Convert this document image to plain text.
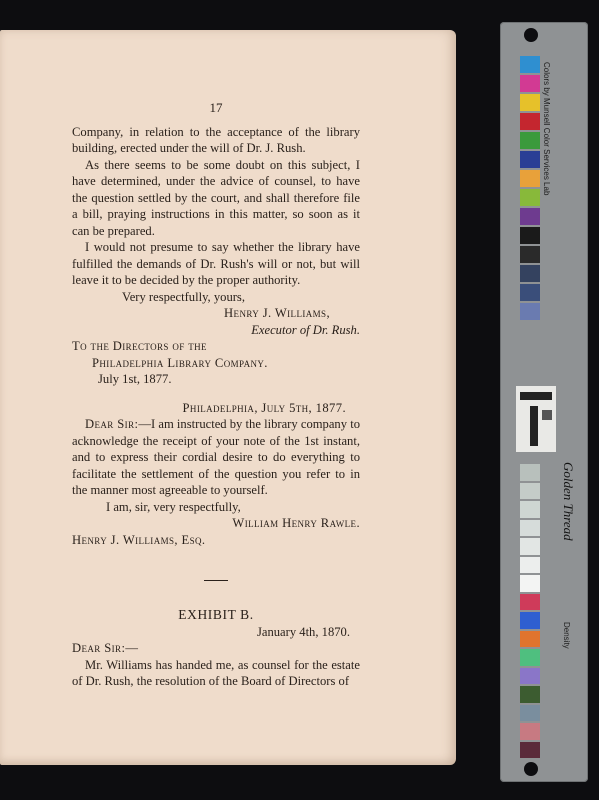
17

Company, in relation to the acceptance of the library building, erected under the will of Dr. J. Rush.

As there seems to be some doubt on this subject, I have determined, under the advice of counsel, to have the question settled by the court, and shall therefore file a bill, praying instructions in this matter, so soon as it can be prepared.

I would not presume to say whether the library have fulfilled the demands of Dr. Rush's will or not, but will leave it to be decided by the proper authority.

Very respectfully, yours,
Henry J. Williams,
Executor of Dr. Rush.
To the Directors of the
Philadelphia Library Company.
July 1st, 1877.
Philadelphia, July 5th, 1877.

Dear Sir:—I am instructed by the library company to acknowledge the receipt of your note of the 1st instant, and to express their cordial desire to do everything to facilitate the settlement of the question you refer to in the manner most agreeable to yourself.

I am, sir, very respectfully,
William Henry Rawle.
Henry J. Williams, Esq.
EXHIBIT B.
January 4th, 1870.
Dear Sir:—

Mr. Williams has handed me, as counsel for the estate of Dr. Rush, the resolution of the Board of Directors of

Colors by Munsell Color Services Lab
Golden Thread
Density
